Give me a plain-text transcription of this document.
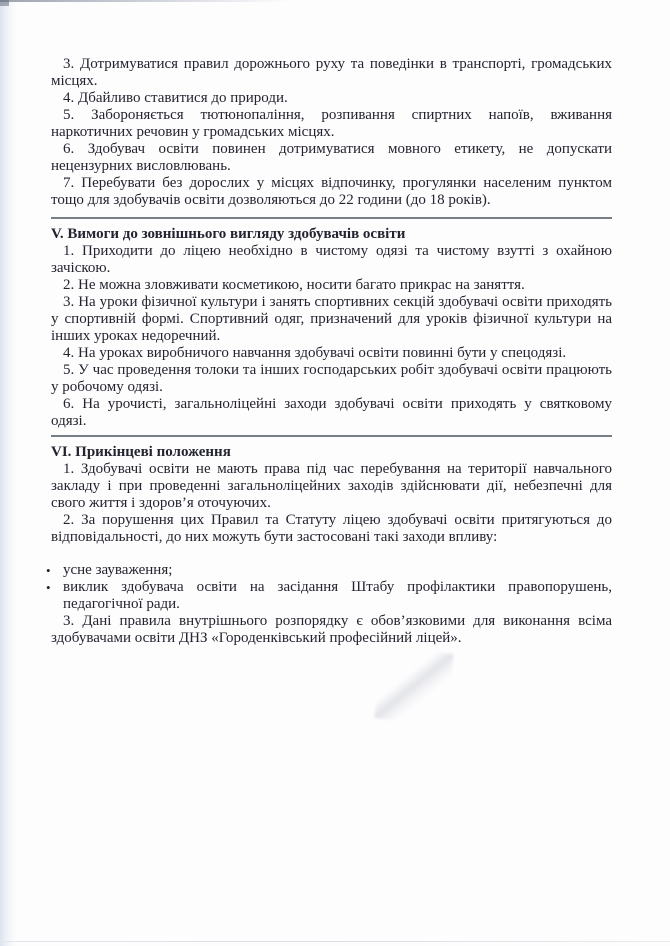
3. Дотримуватися правил дорожнього руху та поведінки в транспорті, громадських місцях.

4. Дбайливо ставитися до природи.

5. Забороняється тютюнопаління, розпивання спиртних напоїв, вживання наркотичних речовин у громадських місцях.

6. Здобувач освіти повинен дотримуватися мовного етикету, не допускати нецензурних висловлювань.

7. Перебувати без дорослих у місцях відпочинку, прогулянки населеним пунктом тощо для здобувачів освіти дозволяються до 22 години (до 18 років).

V. Вимоги до зовнішнього вигляду здобувачів освіти

1. Приходити до ліцею необхідно в чистому одязі та чистому взутті з охайною зачіскою.

2. Не можна зловживати косметикою, носити багато прикрас на заняття.

3. На уроки фізичної культури і занять спортивних секцій здобувачі освіти приходять у спортивній формі. Спортивний одяг, призначений для уроків фізичної культури на інших уроках недоречний.

4. На уроках виробничого навчання здобувачі освіти повинні бути у спецодязі.

5. У час проведення толоки та інших господарських робіт здобувачі освіти працюють у робочому одязі.

6. На урочисті, загальноліцейні заходи здобувачі освіти приходять у святковому одязі.

VI. Прикінцеві положення

1. Здобувачі освіти не мають права під час перебування на території навчального закладу і при проведенні загальноліцейних заходів здійснювати дії, небезпечні для свого життя і здоров’я оточуючих.

2. За порушення цих Правил та Статуту ліцею здобувачі освіти притягуються до відповідальності, до них можуть бути застосовані такі заходи впливу:

• усне зауваження;
• виклик здобувача освіти на засідання Штабу профілактики правопорушень, педагогічної ради.

3. Дані правила внутрішнього розпорядку є обов’язковими для виконання всіма здобувачами освіти ДНЗ «Городенківський професійний ліцей».
